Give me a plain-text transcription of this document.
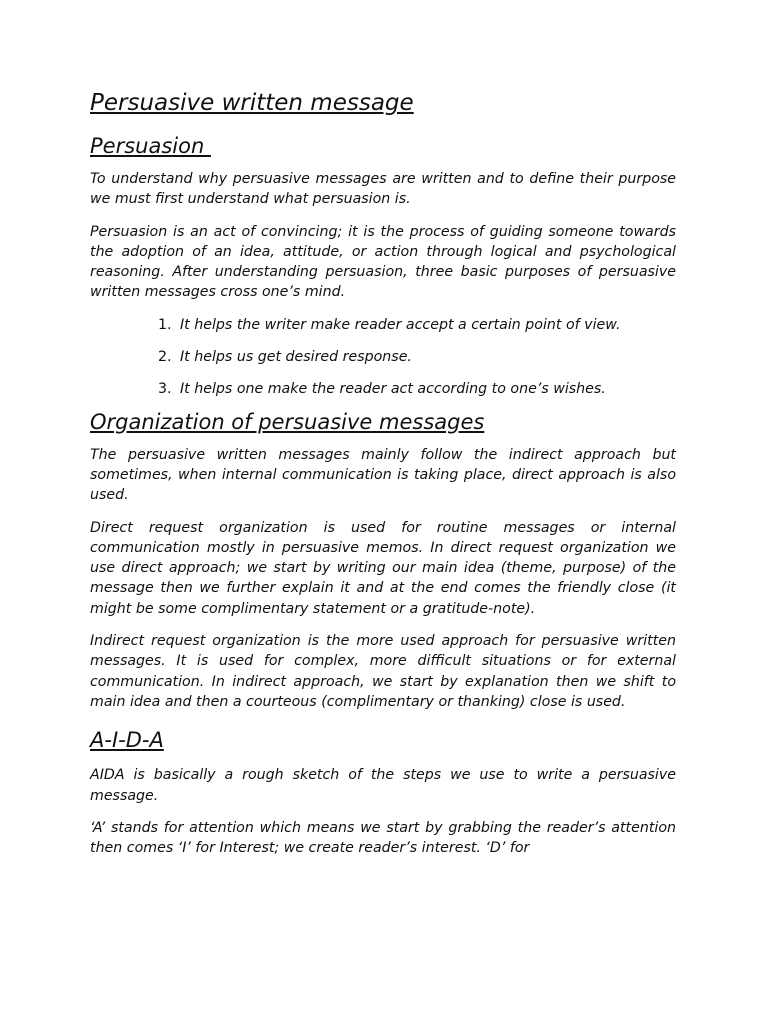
Persuasive written message
Persuasion

To understand why persuasive messages are written and to define their purpose we must first understand what persuasion is.

Persuasion is an act of convincing; it is the process of guiding someone towards the adoption of an idea, attitude, or action through logical and psychological reasoning. After understanding persuasion, three basic purposes of persuasive written messages cross one’s mind.

1. It helps the writer make reader accept a certain point of view.
2. It helps us get desired response.
3. It helps one make the reader act according to one’s wishes.
Organization of persuasive messages

The persuasive written messages mainly follow the indirect approach but sometimes, when internal communication is taking place, direct approach is also used.

Direct request organization is used for routine messages or internal communication mostly in persuasive memos. In direct request organization we use direct approach; we start by writing our main idea (theme, purpose) of the message then we further explain it and at the end comes the friendly close (it might be some complimentary statement or a gratitude-note).

Indirect request organization is the more used approach for persuasive written messages. It is used for complex, more difficult situations or for external communication. In indirect approach, we start by explanation then we shift to main idea and then a courteous (complimentary or thanking) close is used.

A-I-D-A

AIDA is basically a rough sketch of the steps we use to write a persuasive message.

‘A’ stands for attention which means we start by grabbing the reader’s attention then comes ‘I’ for Interest; we create reader’s interest. ‘D’ for
